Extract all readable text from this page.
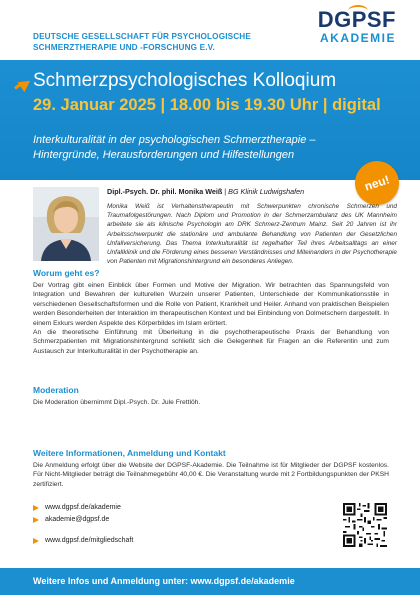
DEUTSCHE GESELLSCHAFT FÜR PSYCHOLOGISCHE
SCHMERZTHERAPIE UND -FORSCHUNG E.V.
DGPSF
AKADEMIE
Schmerzpsychologisches Kolloqium
29. Januar 2025 | 18.00 bis 19.30 Uhr | digital
Interkulturalität in der psychologischen Schmerztherapie –
Hintergründe, Herausforderungen und Hilfestellungen
neu!
Dipl.-Psych. Dr. phil. Monika Weiß | BG Klinik Ludwigshafen
Monika Weiß ist Verhaltenstherapeutin mit Schwerpunkten chronische Schmerzen und Traumafolgestörungen. Nach Diplom und Promotion in der Schmerzambulanz des UK Mannheim arbeitete sie als klinische Psychologin am DRK Schmerz-Zentrum Mainz. Seit 20 Jahren ist ihr Arbeitsschwerpunkt die stationäre und ambulante Behandlung von Patienten der Gesetzlichen Unfallversicherung. Das Thema Interkulturalität ist regelhafter Teil ihres Arbeitsalltags an einer Unfallklinik und die Förderung eines besseren Verständnisses und Miteinanders in der Psychotherapie von Patienten mit Migrationshintergrund ein besonderes Anliegen.
Worum geht es?
Der Vortrag gibt einen Einblick über Formen und Motive der Migration. Wir betrachten das Spannungsfeld von Integration und Bewahren der kulturellen Wurzeln unserer Patienten, Unterschiede der Kommunikationsstile in verschiedenen Gesellschaftsformen und die Rolle von Patient, Krankheit und Heiler. Anhand von praktischen Beispielen werden Besonderheiten der Interaktion im therapeutischen Kontext und bei Einbindung von Dolmetschern dargestellt. In einem Exkurs werden Aspekte des Körperbildes im Islam erörtert.
An die theoretische Einführung mit Überleitung in die psychotherapeutische Praxis der Behandlung von Schmerzpatienten mit Migrationshintergrund schließt sich die Gelegenheit für Fragen an die Referentin und zum Austausch zur Interkulturalität in der Psychotherapie an.
Moderation
Die Moderation übernimmt Dipl.-Psych. Dr. Jule Frettlöh.
Weitere Informationen, Anmeldung und Kontakt
Die Anmeldung erfolgt über die Website der DGPSF-Akademie. Die Teilnahme ist für Mitglieder der DGPSF kostenlos. Für Nicht-Mitglieder beträgt die Teilnahmegebühr 40,00 €. Die Veranstaltung wurde mit 2 Fortbildungspunkten der PKSH zertifiziert.
www.dgpsf.de/akademie
akademie@dgpsf.de
www.dgpsf.de/mitgliedschaft
Weitere Infos und Anmeldung unter: www.dgpsf.de/akademie
